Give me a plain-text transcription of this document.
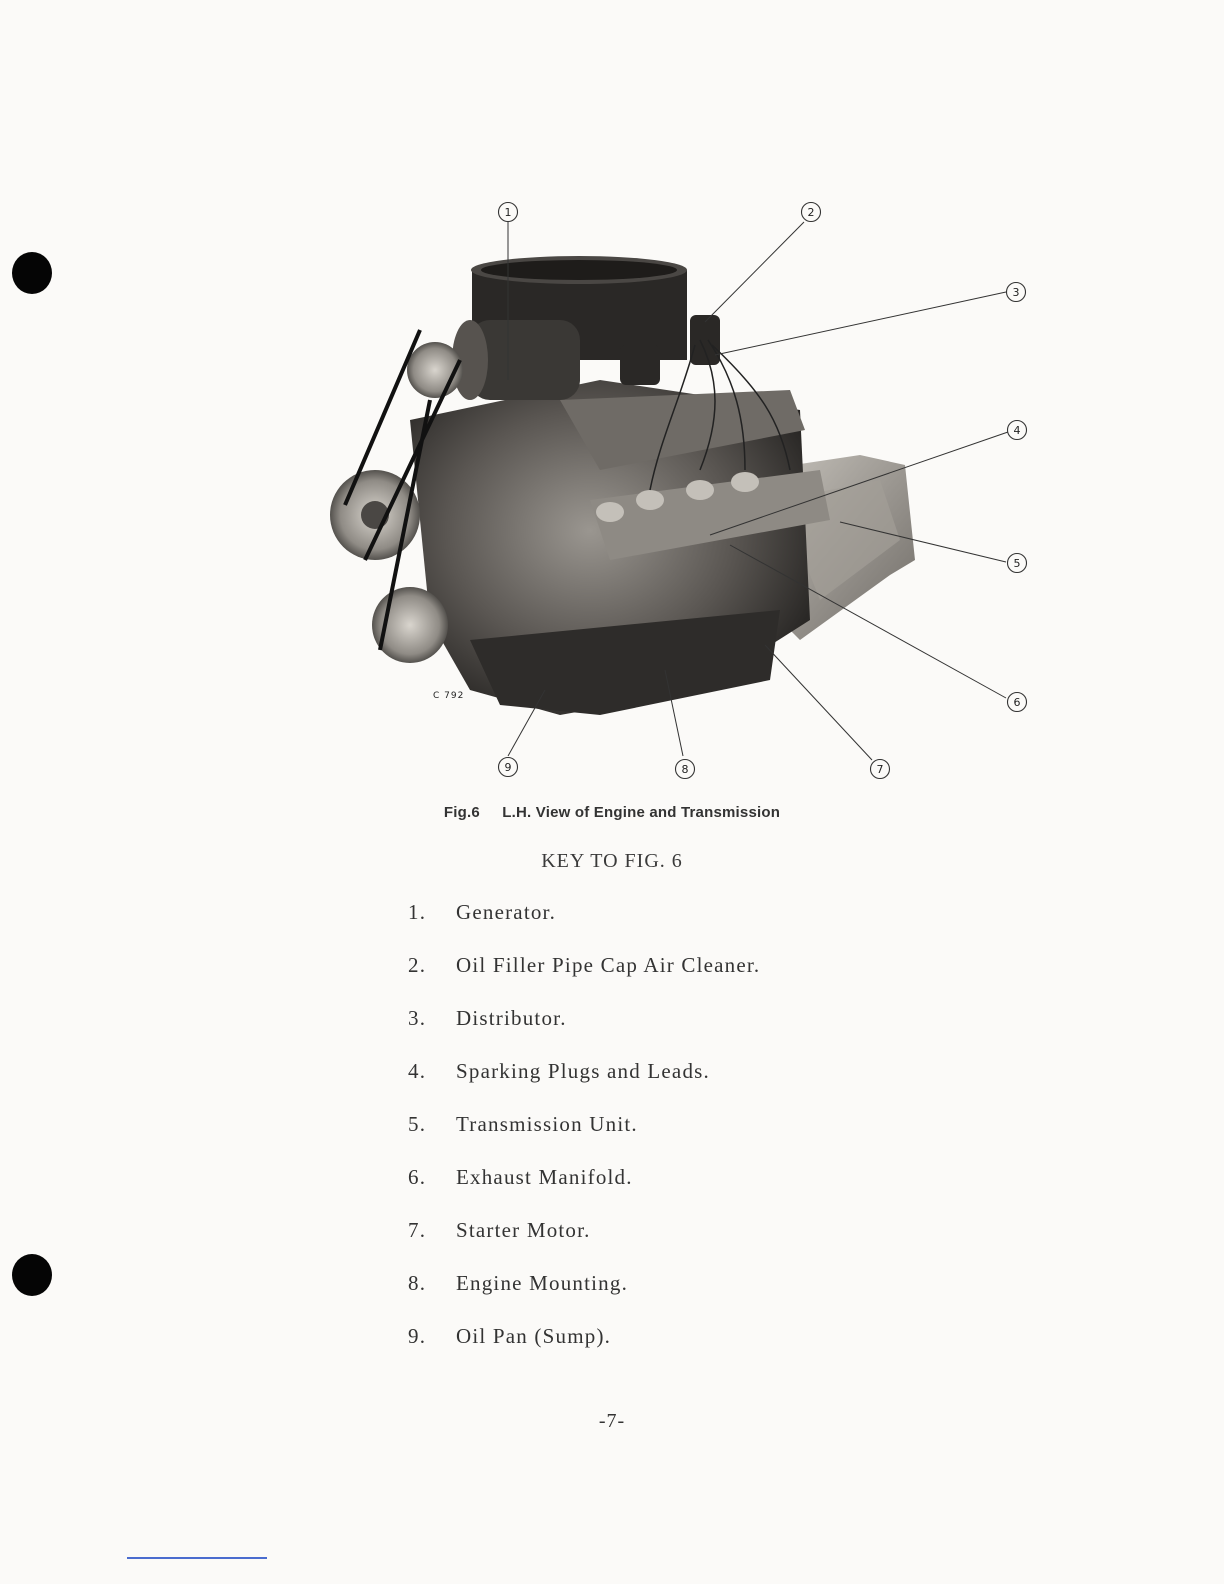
C 792
1	2
3
4
5
6
7
8
9
Fig.6 L.H. View of Engine and Transmission
KEY TO FIG. 6
1. Generator.
2. Oil Filler Pipe Cap Air Cleaner.
3. Distributor.
4. Sparking Plugs and Leads.
5. Transmission Unit.
6. Exhaust Manifold.
7. Starter Motor.
8. Engine Mounting.
9. Oil Pan (Sump).
-7-
